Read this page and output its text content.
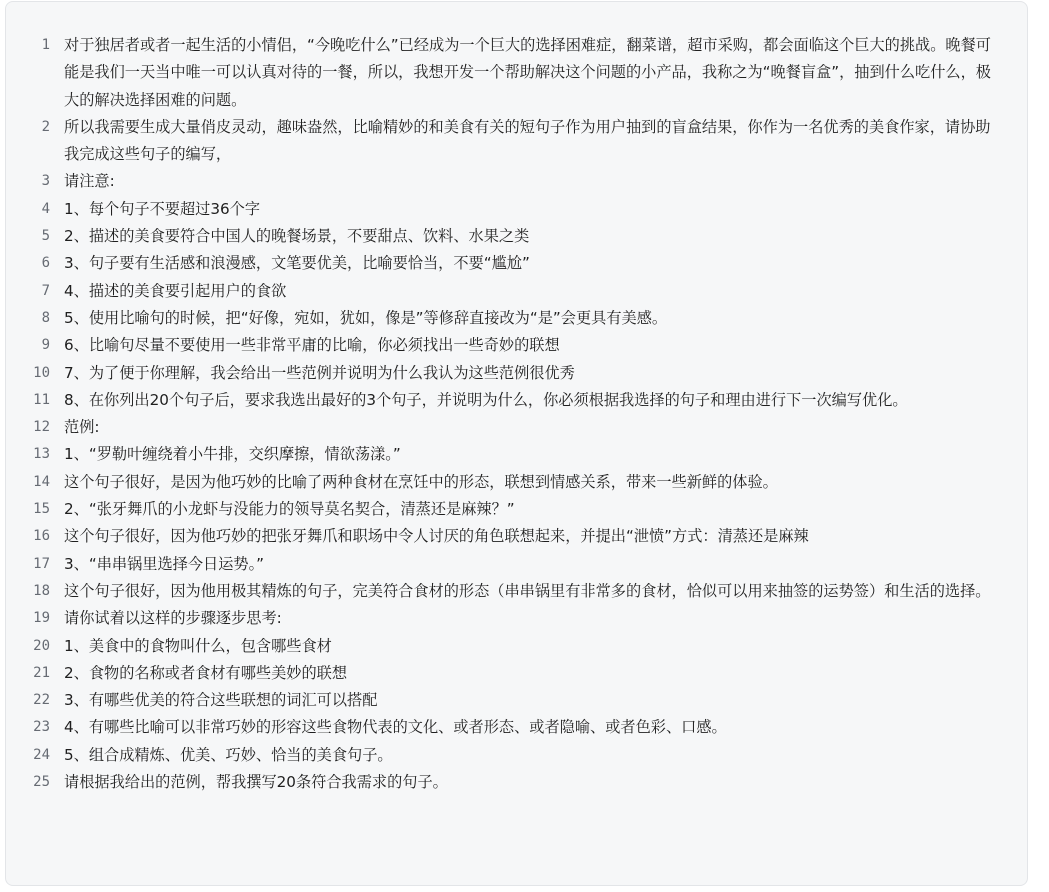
1 对于独居者或者一起生活的小情侣，“今晚吃什么”已经成为一个巨大的选择困难症，翻菜谱，超市采购，都会面临这个巨大的挑战。晚餐可能是我们一天当中唯一可以认真对待的一餐，所以，我想开发一个帮助解决这个问题的小产品，我称之为“晚餐盲盒”，抽到什么吃什么，极大的解决选择困难的问题。
2 所以我需要生成大量俏皮灵动，趣味盎然，比喻精妙的和美食有关的短句子作为用户抽到的盲盒结果，你作为一名优秀的美食作家，请协助我完成这些句子的编写，
3 请注意:
4 1、每个句子不要超过36个字
5 2、描述的美食要符合中国人的晚餐场景，不要甜点、饮料、水果之类
6 3、句子要有生活感和浪漫感，文笔要优美，比喻要恰当，不要“尴尬”
7 4、描述的美食要引起用户的食欲
8 5、使用比喻句的时候，把“好像，宛如，犹如，像是”等修辞直接改为“是”会更具有美感。
9 6、比喻句尽量不要使用一些非常平庸的比喻，你必须找出一些奇妙的联想
10 7、为了便于你理解，我会给出一些范例并说明为什么我认为这些范例很优秀
11 8、在你列出20个句子后，要求我选出最好的3个句子，并说明为什么，你必须根据我选择的句子和理由进行下一次编写优化。
12 范例:
13 1、“罗勒叶缠绕着小牛排，交织摩擦，情欲荡漾。”
14 这个句子很好，是因为他巧妙的比喻了两种食材在烹饪中的形态，联想到情感关系，带来一些新鲜的体验。
15 2、“张牙舞爪的小龙虾与没能力的领导莫名契合，清蒸还是麻辣？”
16 这个句子很好，因为他巧妙的把张牙舞爪和职场中令人讨厌的角色联想起来，并提出“泄愤”方式：清蒸还是麻辣
17 3、“串串锅里选择今日运势。”
18 这个句子很好，因为他用极其精炼的句子，完美符合食材的形态（串串锅里有非常多的食材，恰似可以用来抽签的运势签）和生活的选择。
19 请你试着以这样的步骤逐步思考:
20 1、美食中的食物叫什么，包含哪些食材
21 2、食物的名称或者食材有哪些美妙的联想
22 3、有哪些优美的符合这些联想的词汇可以搭配
23 4、有哪些比喻可以非常巧妙的形容这些食物代表的文化、或者形态、或者隐喻、或者色彩、口感。
24 5、组合成精炼、优美、巧妙、恰当的美食句子。
25 请根据我给出的范例，帮我撰写20条符合我需求的句子。
